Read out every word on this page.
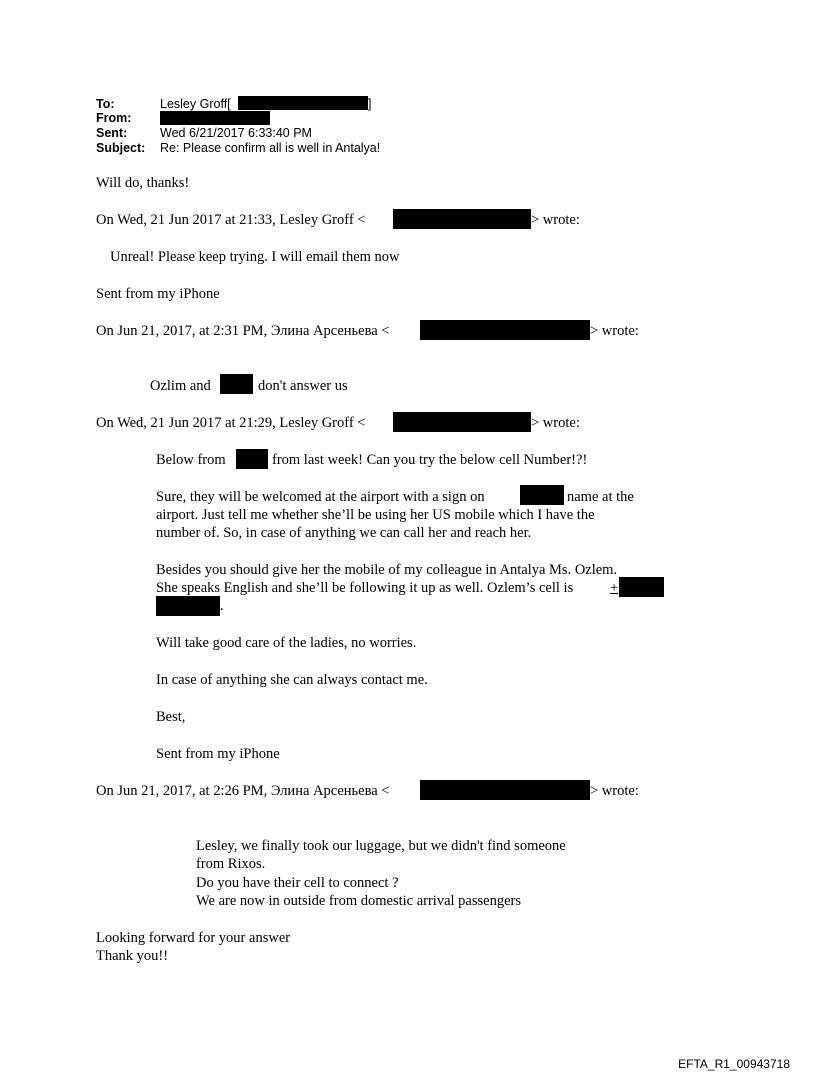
To:	Lesley Groff[	]
From:
Sent:	Wed 6/21/2017 6:33:40 PM
Subject: Re: Please confirm all is well in Antalya!
Will do, thanks!
On Wed, 21 Jun 2017 at 21:33, Lesley Groff <	> wrote:
Unreal! Please keep trying. I will email them now
Sent from my iPhone
On Jun 21, 2017, at 2:31 PM, Элина Арсеньева <	> wrote:
Ozlim and	don't answer us
On Wed, 21 Jun 2017 at 21:29, Lesley Groff <	> wrote:
Below from	from last week! Can you try the below cell Number!?!
Sure, they will be welcomed at the airport with a sign on	name at the
airport. Just tell me whether she’ll be using her US mobile which I have the
number of. So, in case of anything we can call her and reach her.
Besides you should give her the mobile of my colleague in Antalya Ms. Ozlem.
She speaks English and she’ll be following it up as well. Ozlem’s cell is	+
.
Will take good care of the ladies, no worries.
In case of anything she can always contact me.
Best,
Sent from my iPhone
On Jun 21, 2017, at 2:26 PM, Элина Арсеньева <	> wrote:
Lesley, we finally took our luggage, but we didn't find someone
from Rixos.
Do you have their cell to connect ?
We are now in outside from domestic arrival passengers
Looking forward for your answer
Thank you!!
EFTA_R1_00943718
